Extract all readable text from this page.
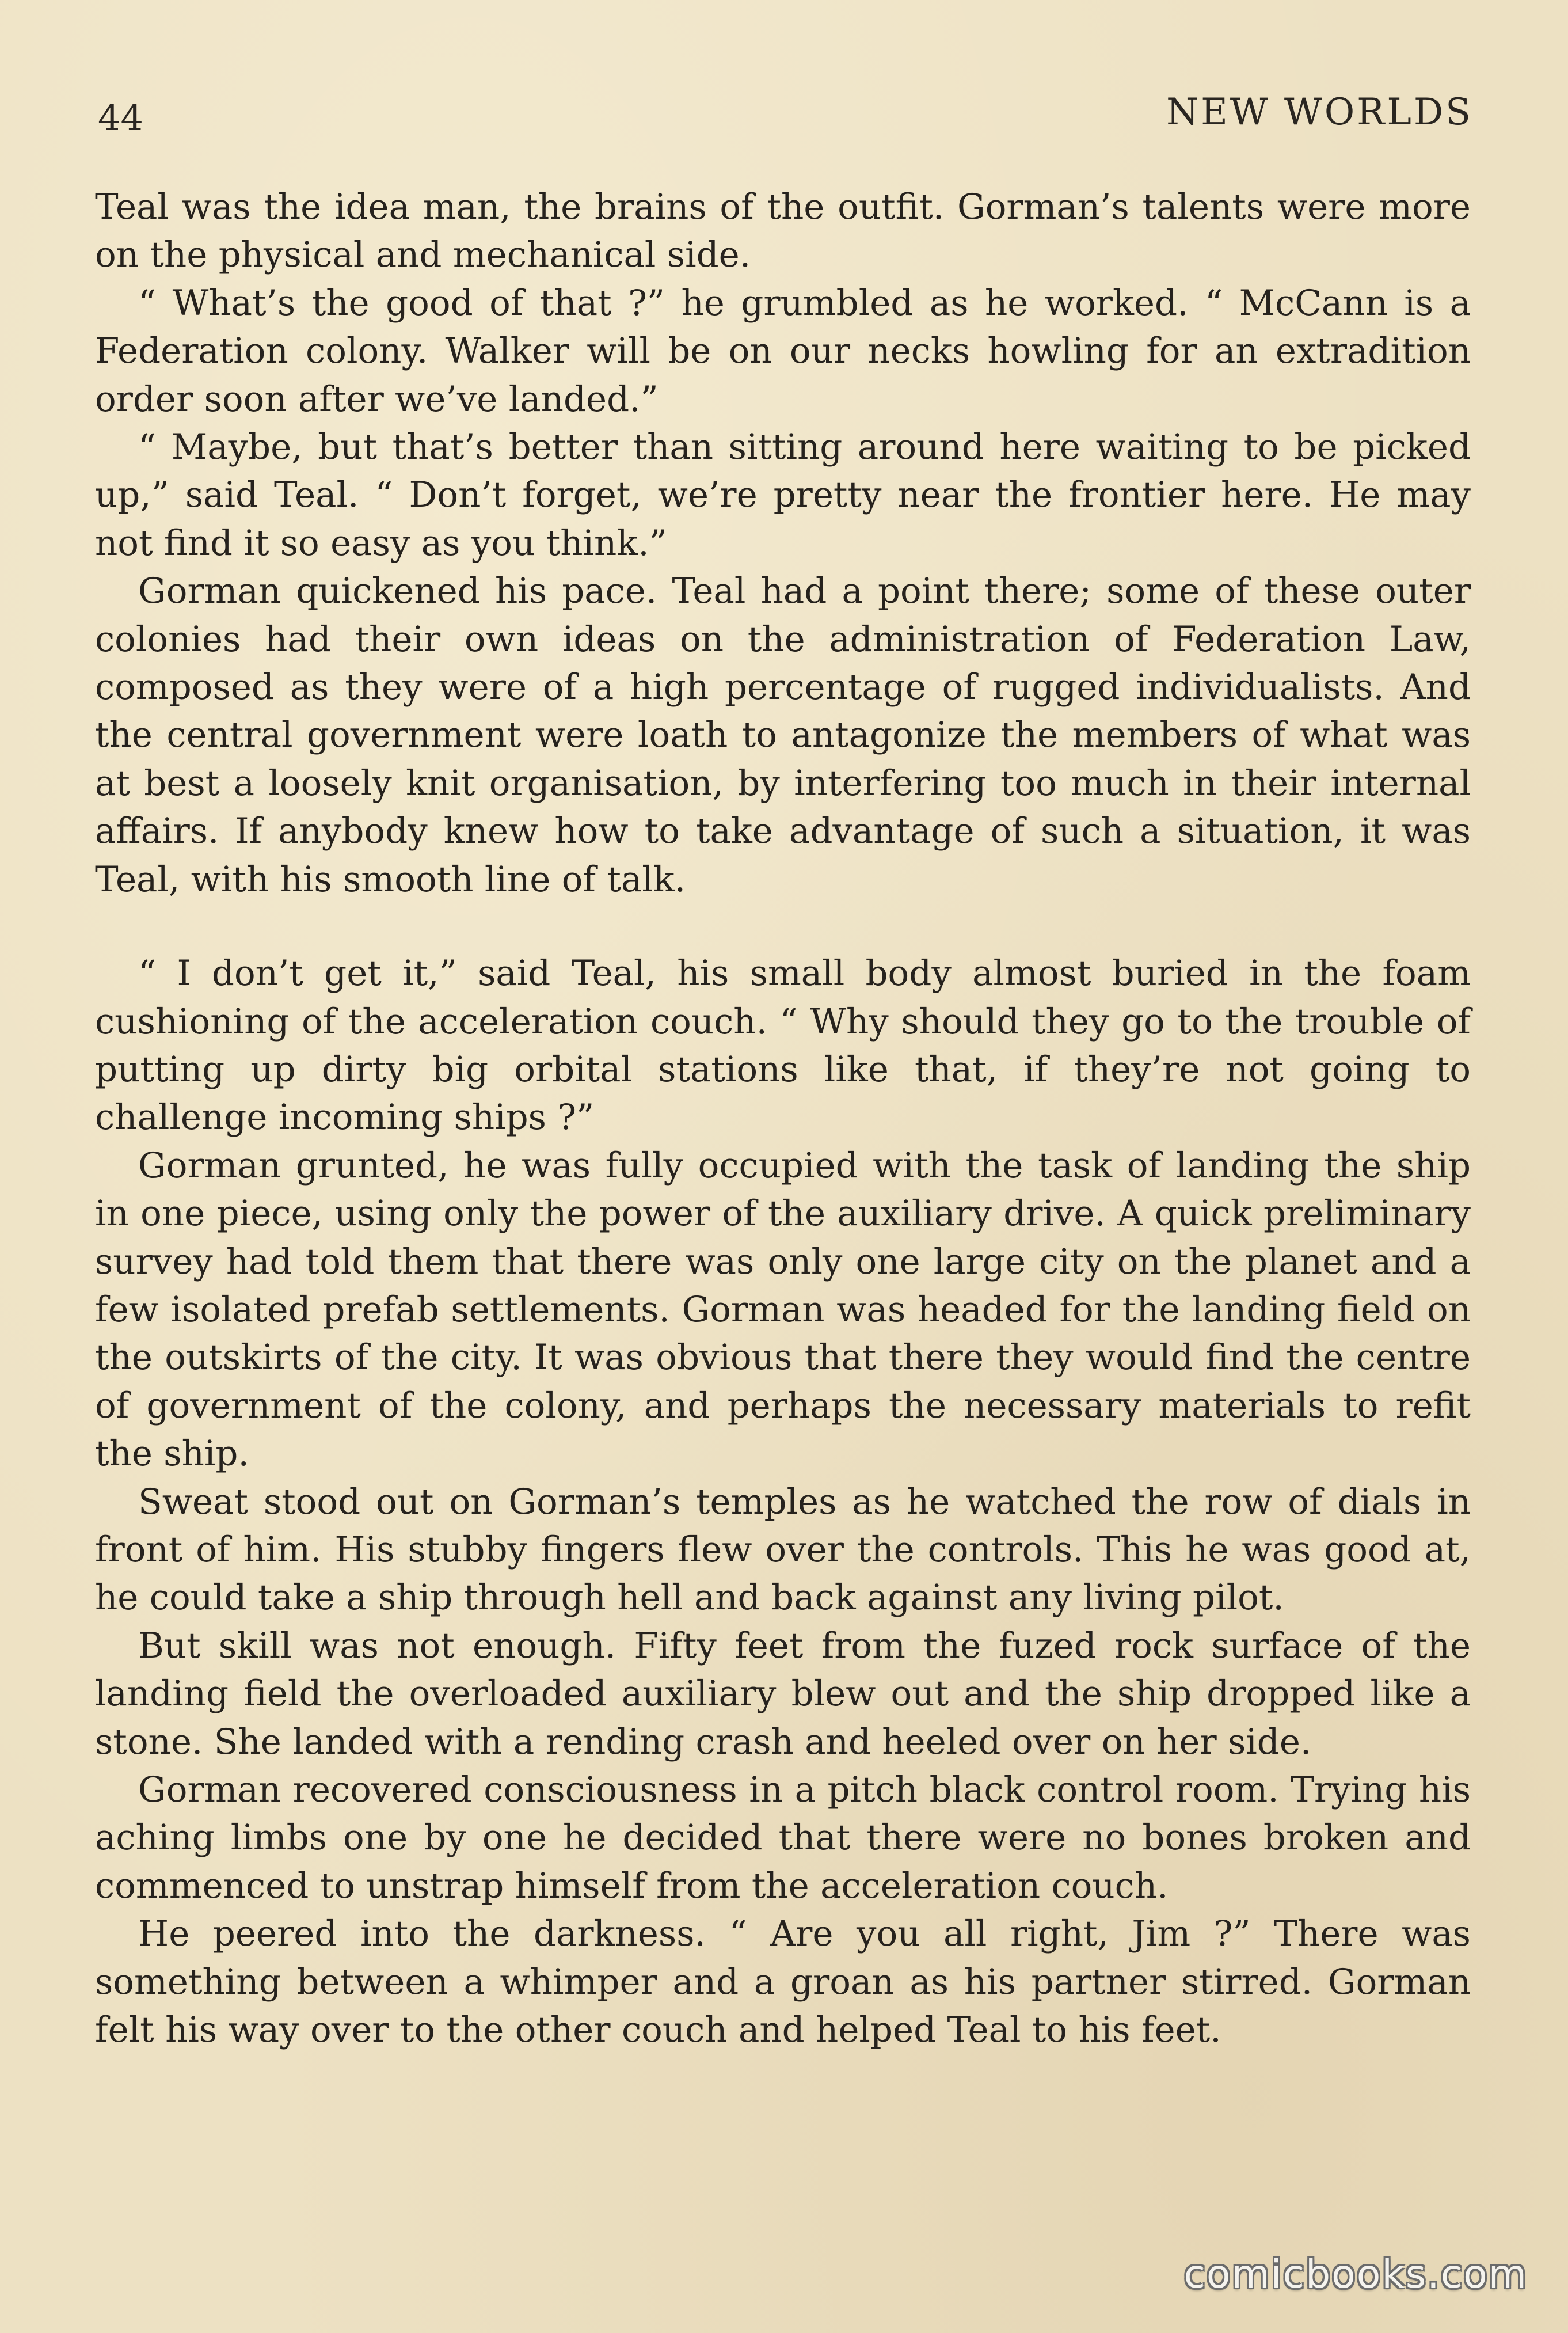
44	NEW WORLDS

Teal was the idea man, the brains of the outfit. Gorman’s talents were more on the physical and mechanical side.

“ What’s the good of that ?” he grumbled as he worked. “ McCann is a Federation colony. Walker will be on our necks howling for an extradition order soon after we’ve landed.”

“ Maybe, but that’s better than sitting around here waiting to be picked up,” said Teal. “ Don’t forget, we’re pretty near the frontier here. He may not find it so easy as you think.”

Gorman quickened his pace. Teal had a point there; some of these outer colonies had their own ideas on the administration of Federation Law, composed as they were of a high percentage of rugged individualists. And the central government were loath to antagonize the members of what was at best a loosely knit organisation, by interfering too much in their internal affairs. If anybody knew how to take advantage of such a situation, it was Teal, with his smooth line of talk.

“ I don’t get it,” said Teal, his small body almost buried in the foam cushioning of the acceleration couch. “ Why should they go to the trouble of putting up dirty big orbital stations like that, if they’re not going to challenge incoming ships ?”

Gorman grunted, he was fully occupied with the task of landing the ship in one piece, using only the power of the auxiliary drive. A quick preliminary survey had told them that there was only one large city on the planet and a few isolated prefab settlements. Gorman was headed for the landing field on the outskirts of the city. It was obvious that there they would find the centre of government of the colony, and perhaps the necessary materials to refit the ship.

Sweat stood out on Gorman’s temples as he watched the row of dials in front of him. His stubby fingers flew over the controls. This he was good at, he could take a ship through hell and back against any living pilot.

But skill was not enough. Fifty feet from the fuzed rock surface of the landing field the overloaded auxiliary blew out and the ship dropped like a stone. She landed with a rending crash and heeled over on her side.

Gorman recovered consciousness in a pitch black control room. Trying his aching limbs one by one he decided that there were no bones broken and commenced to unstrap himself from the acceleration couch.

He peered into the darkness. “ Are you all right, Jim ?” There was something between a whimper and a groan as his partner stirred. Gorman felt his way over to the other couch and helped Teal to his feet.

comicbooks.com
